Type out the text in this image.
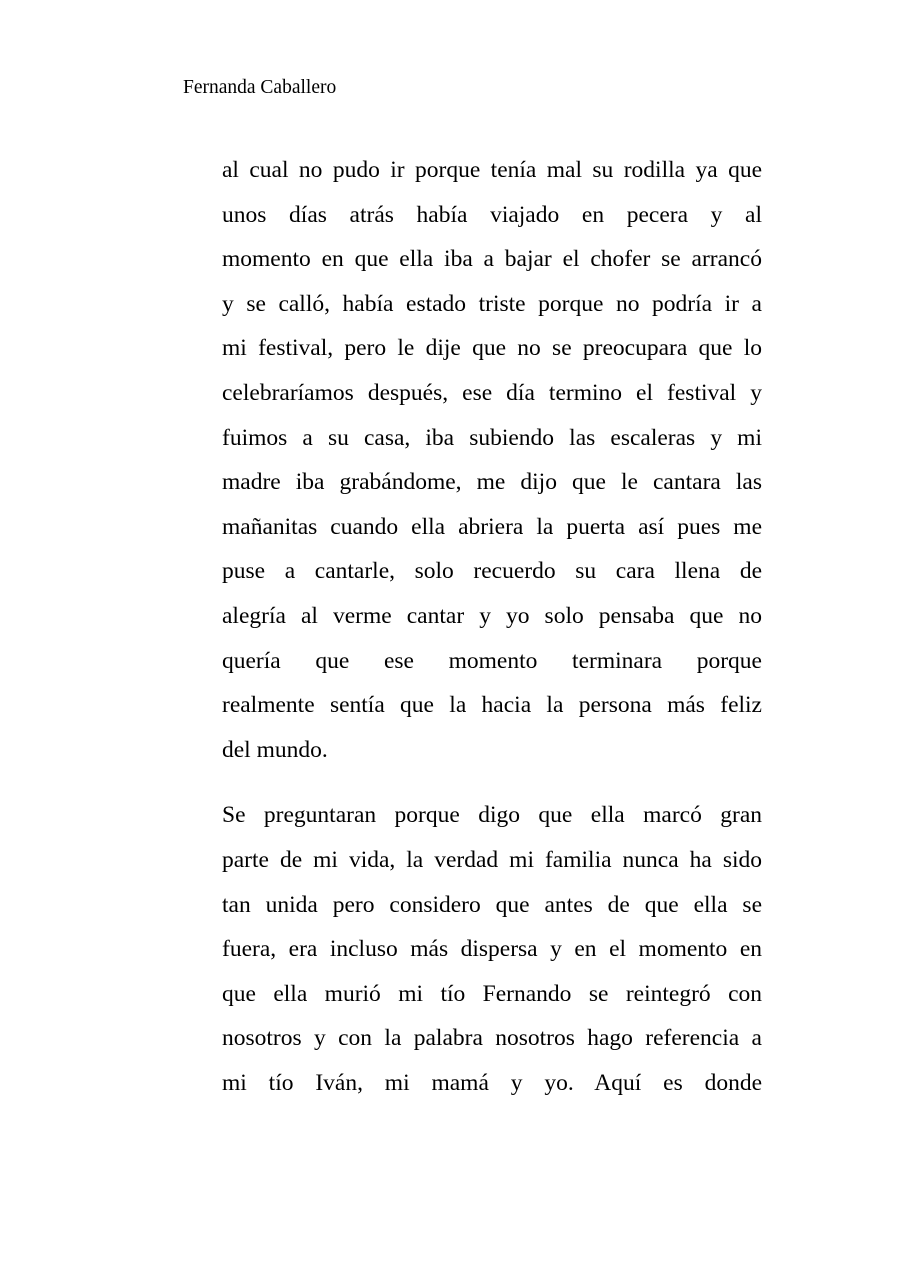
Fernanda Caballero
al cual no pudo ir porque tenía mal su rodilla ya que
unos días atrás había viajado en pecera y al
momento en que ella iba a bajar el chofer se arrancó
y se calló, había estado triste porque no podría ir a
mi festival, pero le dije que no se preocupara que lo
celebraríamos después, ese día termino el festival y
fuimos a su casa, iba subiendo las escaleras y mi
madre iba grabándome, me dijo que le cantara las
mañanitas cuando ella abriera la puerta así pues me
puse a cantarle, solo recuerdo su cara llena de
alegría al verme cantar y yo solo pensaba que no
quería que ese momento terminara porque
realmente sentía que la hacia la persona más feliz
del mundo.
Se preguntaran porque digo que ella marcó gran
parte de mi vida, la verdad mi familia nunca ha sido
tan unida pero considero que antes de que ella se
fuera, era incluso más dispersa y en el momento en
que ella murió mi tío Fernando se reintegró con
nosotros y con la palabra nosotros hago referencia a
mi tío Iván, mi mamá y yo. Aquí es donde
